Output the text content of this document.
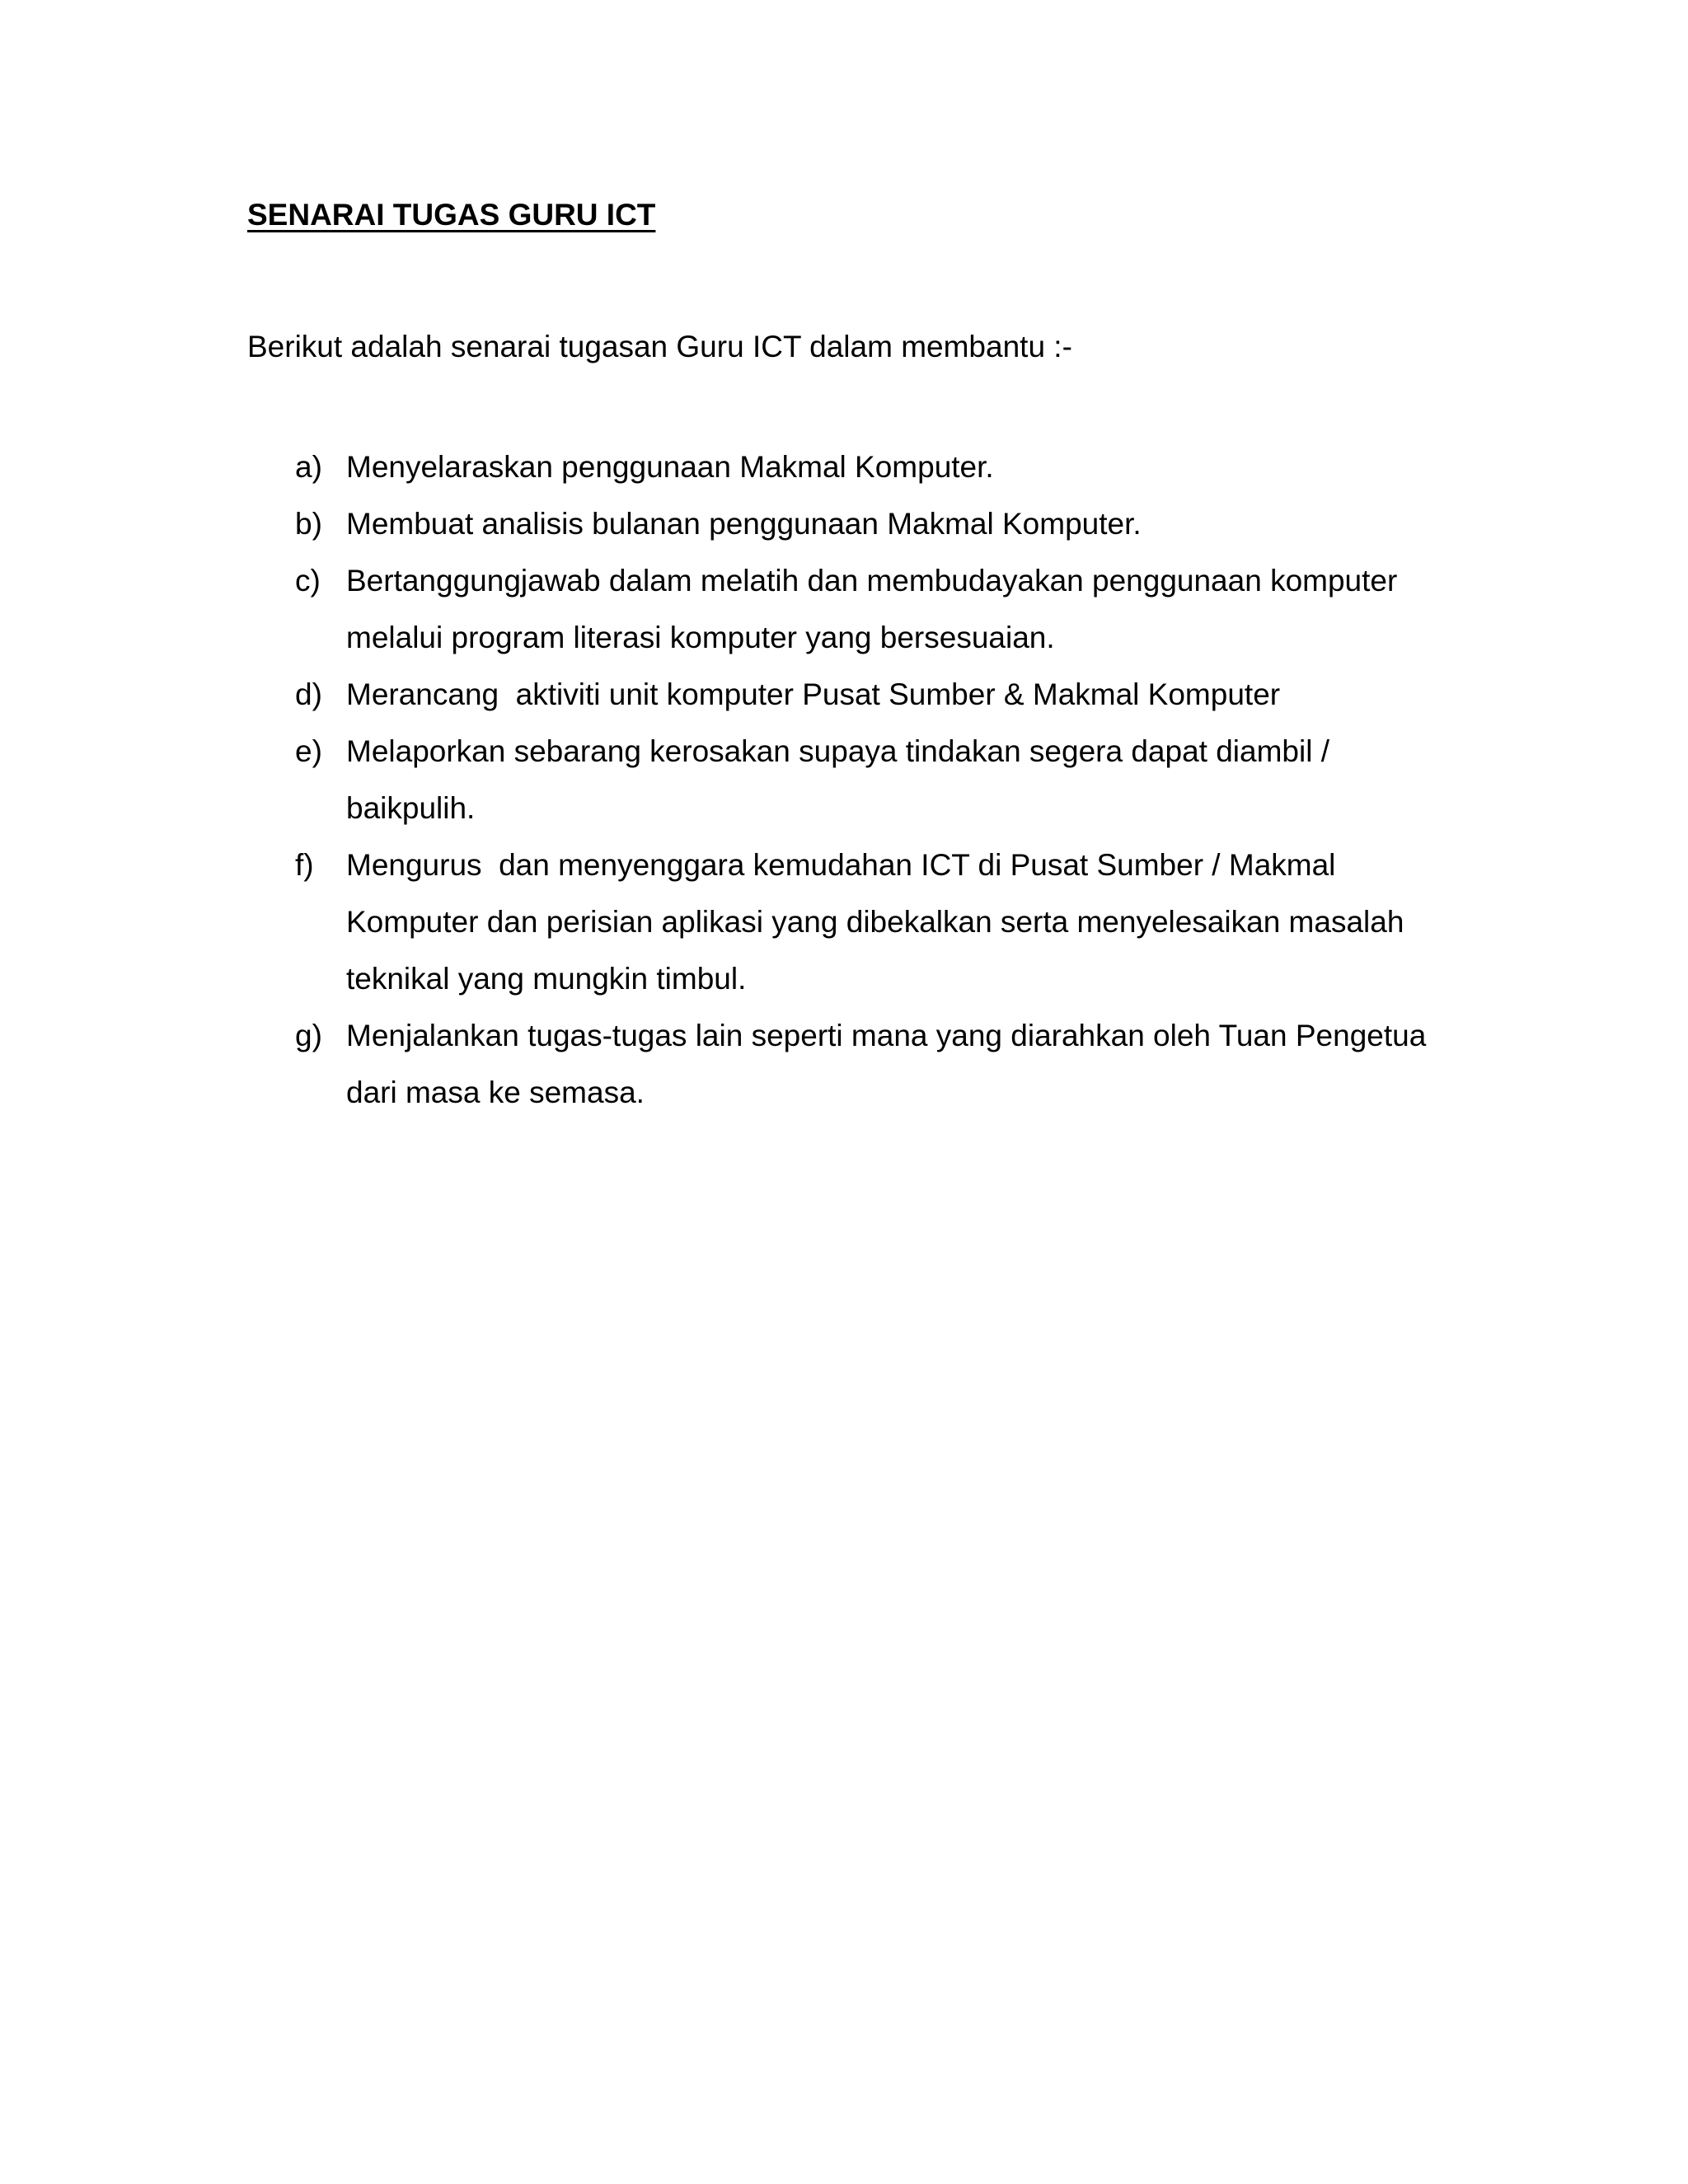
SENARAI TUGAS GURU ICT
Berikut adalah senarai tugasan Guru ICT dalam membantu :-
a) Menyelaraskan penggunaan Makmal Komputer.
b) Membuat analisis bulanan penggunaan Makmal Komputer.
c) Bertanggungjawab dalam melatih dan membudayakan penggunaan komputer melalui program literasi komputer yang bersesuaian.
d) Merancang  aktiviti unit komputer Pusat Sumber & Makmal Komputer
e) Melaporkan sebarang kerosakan supaya tindakan segera dapat diambil / baikpulih.
f)	Mengurus  dan menyenggara kemudahan ICT di Pusat Sumber / Makmal Komputer dan perisian aplikasi yang dibekalkan serta menyelesaikan masalah teknikal yang mungkin timbul.
g) Menjalankan tugas-tugas lain seperti mana yang diarahkan oleh Tuan Pengetua dari masa ke semasa.
